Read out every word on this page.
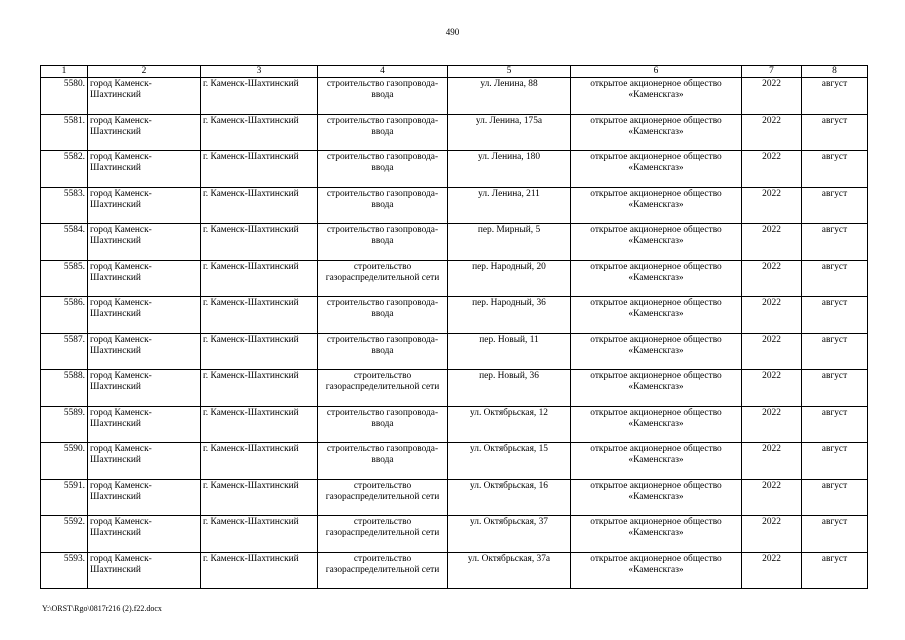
490
1	2	3	4	5	6	7	8
5580.	город Каменск-Шахтинский	г. Каменск-Шахтинский	строительство газопровода-ввода	ул. Ленина, 88	открытое акционерное общество «Каменскгаз»	2022	август
5581.	город Каменск-Шахтинский	г. Каменск-Шахтинский	строительство газопровода-ввода	ул. Ленина, 175а	открытое акционерное общество «Каменскгаз»	2022	август
5582.	город Каменск-Шахтинский	г. Каменск-Шахтинский	строительство газопровода-ввода	ул. Ленина, 180	открытое акционерное общество «Каменскгаз»	2022	август
5583.	город Каменск-Шахтинский	г. Каменск-Шахтинский	строительство газопровода-ввода	ул. Ленина, 211	открытое акционерное общество «Каменскгаз»	2022	август
5584.	город Каменск-Шахтинский	г. Каменск-Шахтинский	строительство газопровода-ввода	пер. Мирный, 5	открытое акционерное общество «Каменскгаз»	2022	август
5585.	город Каменск-Шахтинский	г. Каменск-Шахтинский	строительство газораспределительной сети	пер. Народный, 20	открытое акционерное общество «Каменскгаз»	2022	август
5586.	город Каменск-Шахтинский	г. Каменск-Шахтинский	строительство газопровода-ввода	пер. Народный, 36	открытое акционерное общество «Каменскгаз»	2022	август
5587.	город Каменск-Шахтинский	г. Каменск-Шахтинский	строительство газопровода-ввода	пер. Новый, 11	открытое акционерное общество «Каменскгаз»	2022	август
5588.	город Каменск-Шахтинский	г. Каменск-Шахтинский	строительство газораспределительной сети	пер. Новый, 36	открытое акционерное общество «Каменскгаз»	2022	август
5589.	город Каменск-Шахтинский	г. Каменск-Шахтинский	строительство газопровода-ввода	ул. Октябрьская, 12	открытое акционерное общество «Каменскгаз»	2022	август
5590.	город Каменск-Шахтинский	г. Каменск-Шахтинский	строительство газопровода-ввода	ул. Октябрьская, 15	открытое акционерное общество «Каменскгаз»	2022	август
5591.	город Каменск-Шахтинский	г. Каменск-Шахтинский	строительство газораспределительной сети	ул. Октябрьская, 16	открытое акционерное общество «Каменскгаз»	2022	август
5592.	город Каменск-Шахтинский	г. Каменск-Шахтинский	строительство газораспределительной сети	ул. Октябрьская, 37	открытое акционерное общество «Каменскгаз»	2022	август
5593.	город Каменск-Шахтинский	г. Каменск-Шахтинский	строительство газораспределительной сети	ул. Октябрьская, 37а	открытое акционерное общество «Каменскгаз»	2022	август
Y:\ORST\Rgo\0817r216 (2).f22.docx
